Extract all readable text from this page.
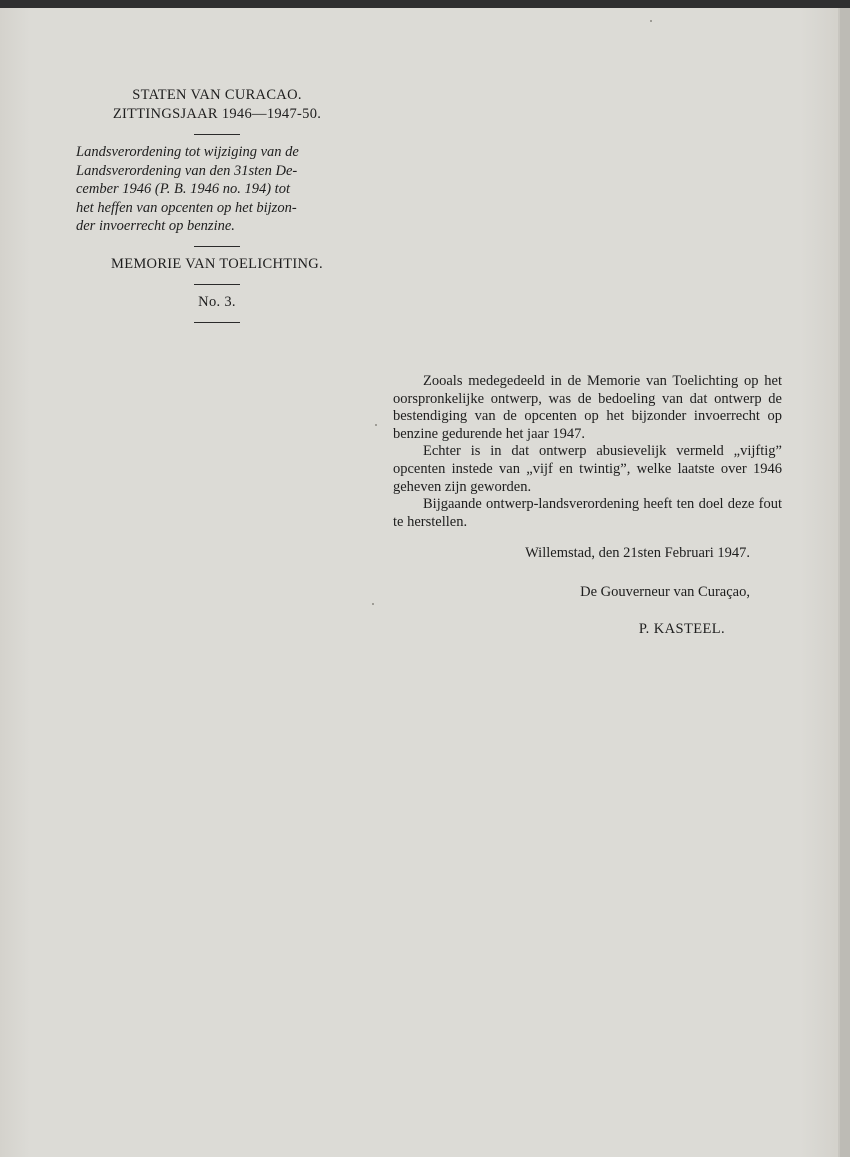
STATEN VAN CURACAO.
ZITTINGSJAAR 1946—1947-50.
Landsverordening tot wijziging van de
Landsverordening van den 31sten De-
cember 1946 (P. B. 1946 no. 194) tot
het heffen van opcenten op het bijzon-
der invoerrecht op benzine.
MEMORIE VAN TOELICHTING.
No. 3.

Zooals medegedeeld in de Memorie van Toelichting op het oorspronkelijke ontwerp, was de bedoeling van dat ontwerp de bestendiging van de opcenten op het bijzonder invoerrecht op benzine gedurende het jaar 1947.

Echter is in dat ontwerp abusievelijk vermeld „vijftig” opcenten instede van „vijf en twintig”, welke laatste over 1946 geheven zijn geworden.

Bijgaande ontwerp-landsverordening heeft ten doel deze fout te herstellen.

Willemstad, den 21sten Februari 1947.
De Gouverneur van Curaçao,
P. KASTEEL.
